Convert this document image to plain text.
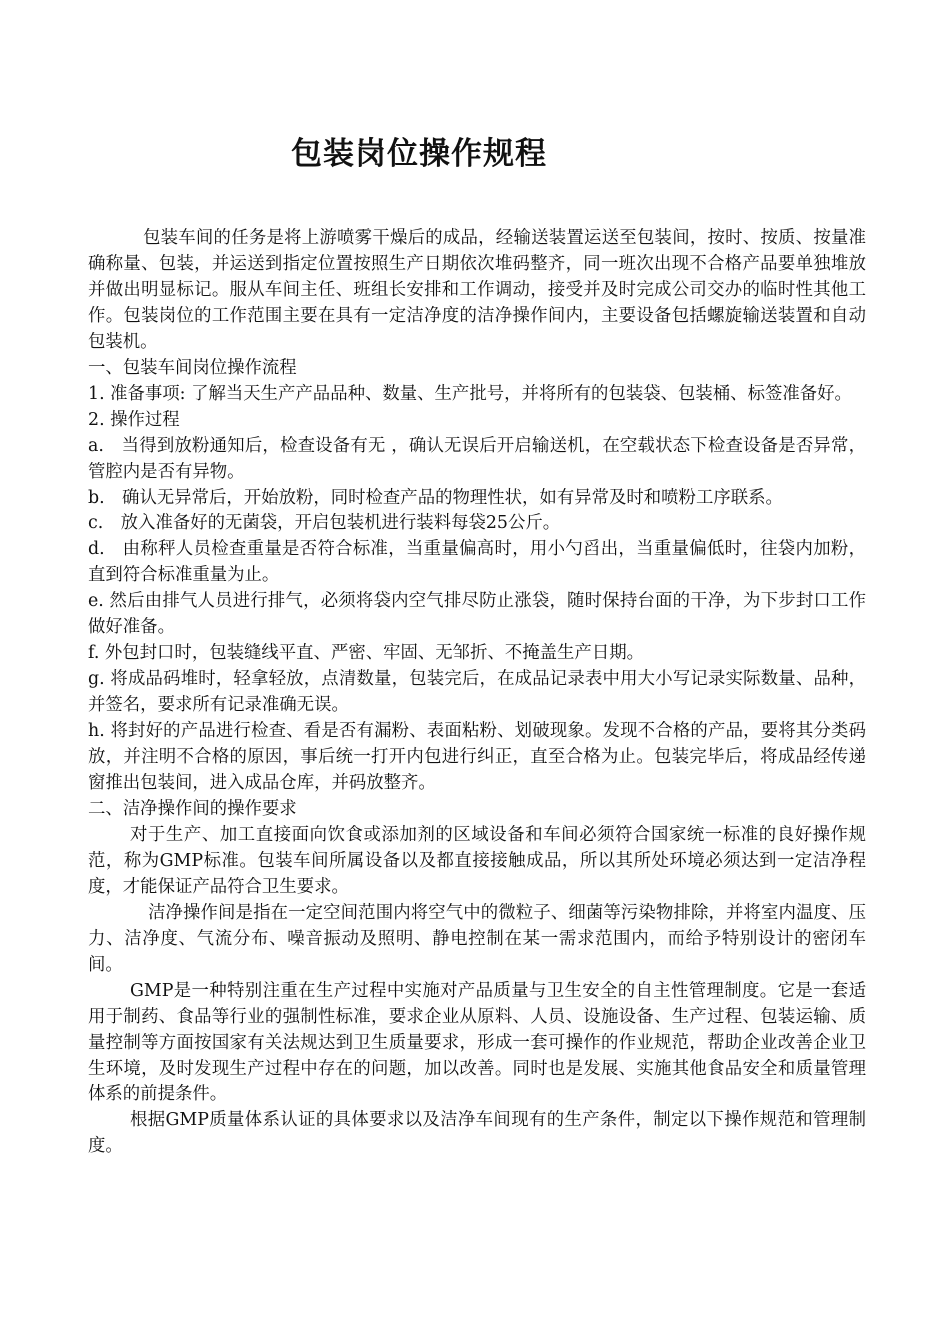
包装岗位操作规程

包装车间的任务是将上游喷雾干燥后的成品，经输送装置运送至包装间，按时、按质、按量准确称量、包装，并运送到指定位置按照生产日期依次堆码整齐，同一班次出现不合格产品要单独堆放并做出明显标记。服从车间主任、班组长安排和工作调动，接受并及时完成公司交办的临时性其他工作。包装岗位的工作范围主要在具有一定洁净度的洁净操作间内，主要设备包括螺旋输送装置和自动包装机。

一、包装车间岗位操作流程

1. 准备事项: 了解当天生产产品品种、数量、生产批号，并将所有的包装袋、包装桶、标签准备好。

2. 操作过程

a.　当得到放粉通知后，检查设备有无 ，确认无误后开启输送机，在空载状态下检查设备是否异常，管腔内是否有异物。

b.　确认无异常后，开始放粉，同时检查产品的物理性状，如有异常及时和喷粉工序联系。

c.　放入准备好的无菌袋，开启包装机进行装料每袋25公斤。

d.　由称秤人员检查重量是否符合标准，当重量偏高时，用小勺舀出，当重量偏低时，往袋内加粉，直到符合标准重量为止。

e. 然后由排气人员进行排气，必须将袋内空气排尽防止涨袋，随时保持台面的干净，为下步封口工作做好准备。

f. 外包封口时，包装缝线平直、严密、牢固、无邹折、不掩盖生产日期。

g. 将成品码堆时，轻拿轻放，点清数量，包装完后，在成品记录表中用大小写记录实际数量、品种，并签名，要求所有记录准确无误。

h. 将封好的产品进行检查、看是否有漏粉、表面粘粉、划破现象。发现不合格的产品，要将其分类码放，并注明不合格的原因，事后统一打开内包进行纠正，直至合格为止。包装完毕后，将成品经传递窗推出包装间，进入成品仓库，并码放整齐。

二、洁净操作间的操作要求

对于生产、加工直接面向饮食或添加剂的区域设备和车间必须符合国家统一标准的良好操作规范，称为GMP标准。包装车间所属设备以及都直接接触成品，所以其所处环境必须达到一定洁净程度，才能保证产品符合卫生要求。

洁净操作间是指在一定空间范围内将空气中的微粒子、细菌等污染物排除，并将室内温度、压力、洁净度、气流分布、噪音振动及照明、静电控制在某一需求范围内，而给予特别设计的密闭车间。

GMP是一种特别注重在生产过程中实施对产品质量与卫生安全的自主性管理制度。它是一套适用于制药、食品等行业的强制性标准，要求企业从原料、人员、设施设备、生产过程、包装运输、质量控制等方面按国家有关法规达到卫生质量要求，形成一套可操作的作业规范，帮助企业改善企业卫生环境，及时发现生产过程中存在的问题，加以改善。同时也是发展、实施其他食品安全和质量管理体系的前提条件。

根据GMP质量体系认证的具体要求以及洁净车间现有的生产条件，制定以下操作规范和管理制度。
